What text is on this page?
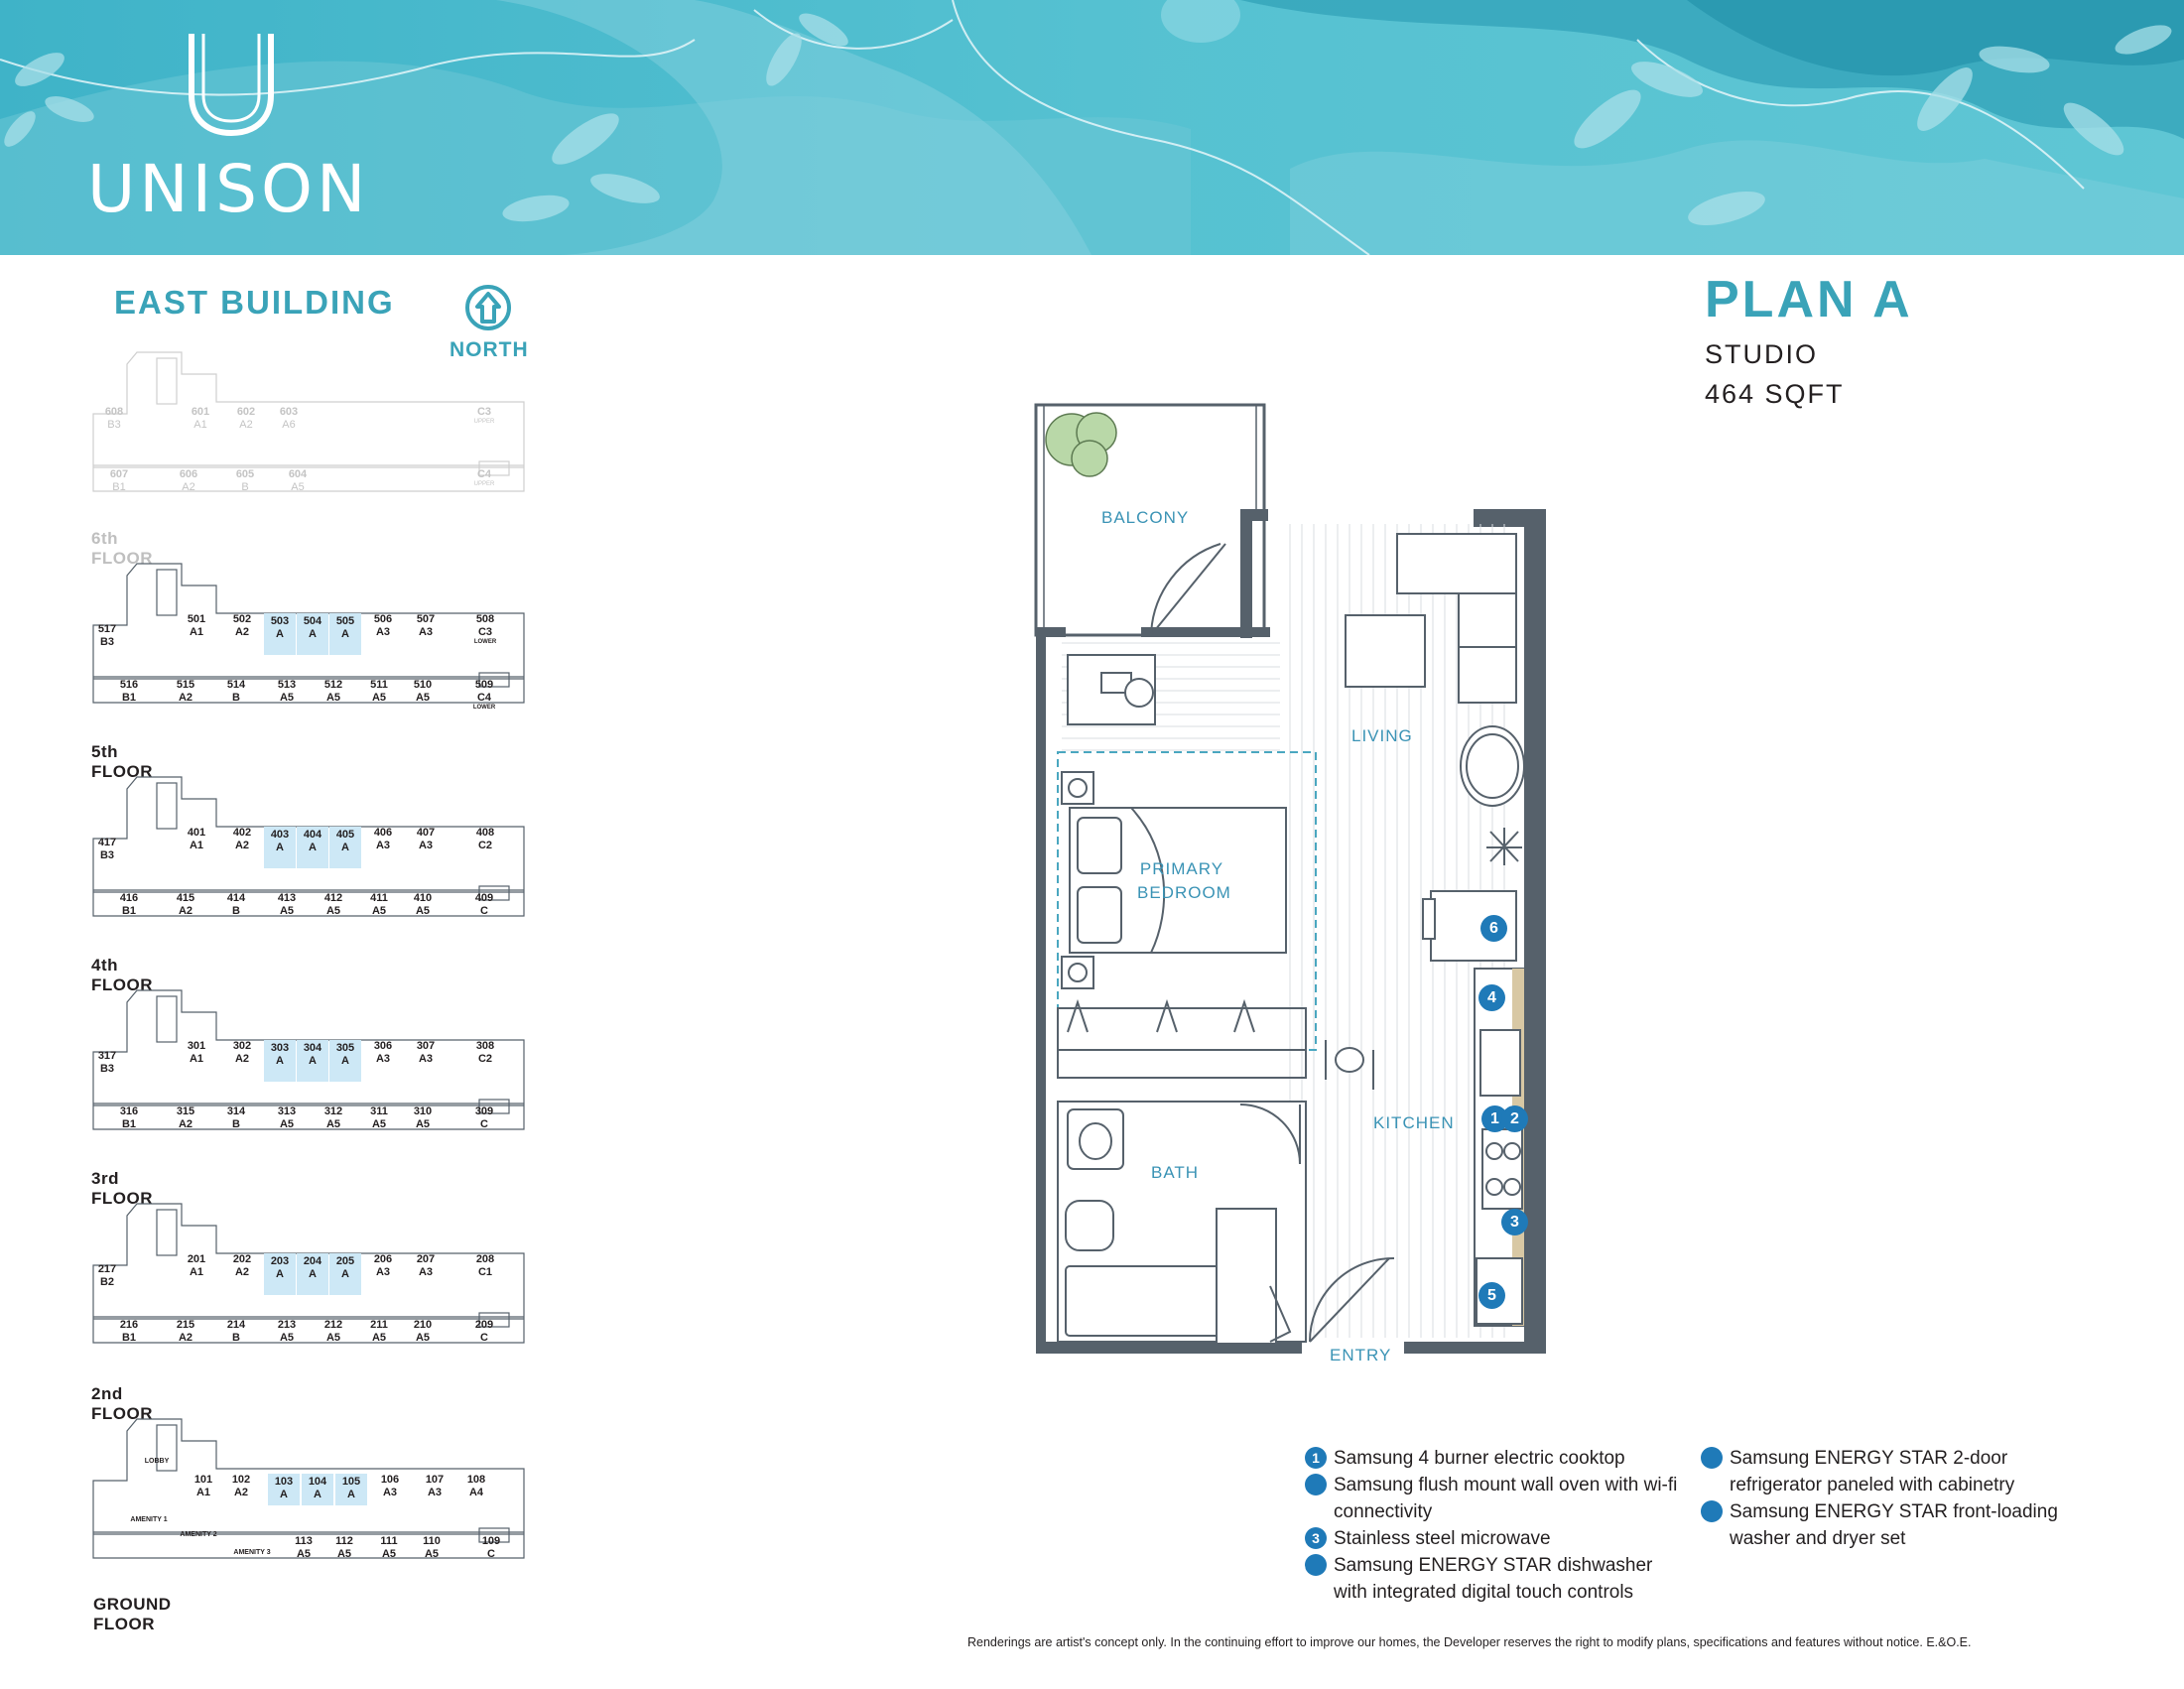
UNISON
EAST BUILDING
NORTH
608
B3
601
A1
602
A2
603
A6
C3

UPPER
607
B1
606
A2
605
B
604
A5
C4

UPPER
6th FLOOR
517
B3
501
A1
502
A2
503
A
504
A
505
A
506
A3
507
A3
508
C3
LOWER
516
B1
515
A2
514
B
513
A5
512
A5
511
A5
510
A5
509
C4
LOWER
5th FLOOR
417
B3
401
A1
402
A2
403
A
404
A
405
A
406
A3
407
A3
408
C2
416
B1
415
A2
414
B
413
A5
412
A5
411
A5
410
A5
409
C
4th FLOOR
317
B3
301
A1
302
A2
303
A
304
A
305
A
306
A3
307
A3
308
C2
316
B1
315
A2
314
B
313
A5
312
A5
311
A5
310
A5
309
C
3rd FLOOR
217
B2
201
A1
202
A2
203
A
204
A
205
A
206
A3
207
A3
208
C1
216
B1
215
A2
214
B
213
A5
212
A5
211
A5
210
A5
209
C
2nd FLOOR
LOBBY
101
A1
102
A2
103
A
104
A
105
A
106
A3
107
A3
108
A4
AMENITY 1
AMENITY 2
AMENITY 3
113
A5
112
A5
111
A5
110
A5
109
C
GROUND FLOOR
PLAN A
STUDIO
464 SQFT
BALCONY
LIVING
PRIMARY BEDROOM
KITCHEN
BATH
ENTRY
1 2
3
4
5
6
1 Samsung 4 burner electric cooktop
2 Samsung flush mount wall oven with wi-fi connectivity
3 Stainless steel microwave
4 Samsung ENERGY STAR dishwasher with integrated digital touch controls
5 Samsung ENERGY STAR 2-door refrigerator paneled with cabinetry
6 Samsung ENERGY STAR front-loading washer and dryer set
Renderings are artist's concept only. In the continuing effort to improve our homes, the Developer reserves the right to modify plans, specifications and features without notice. E.&O.E.
